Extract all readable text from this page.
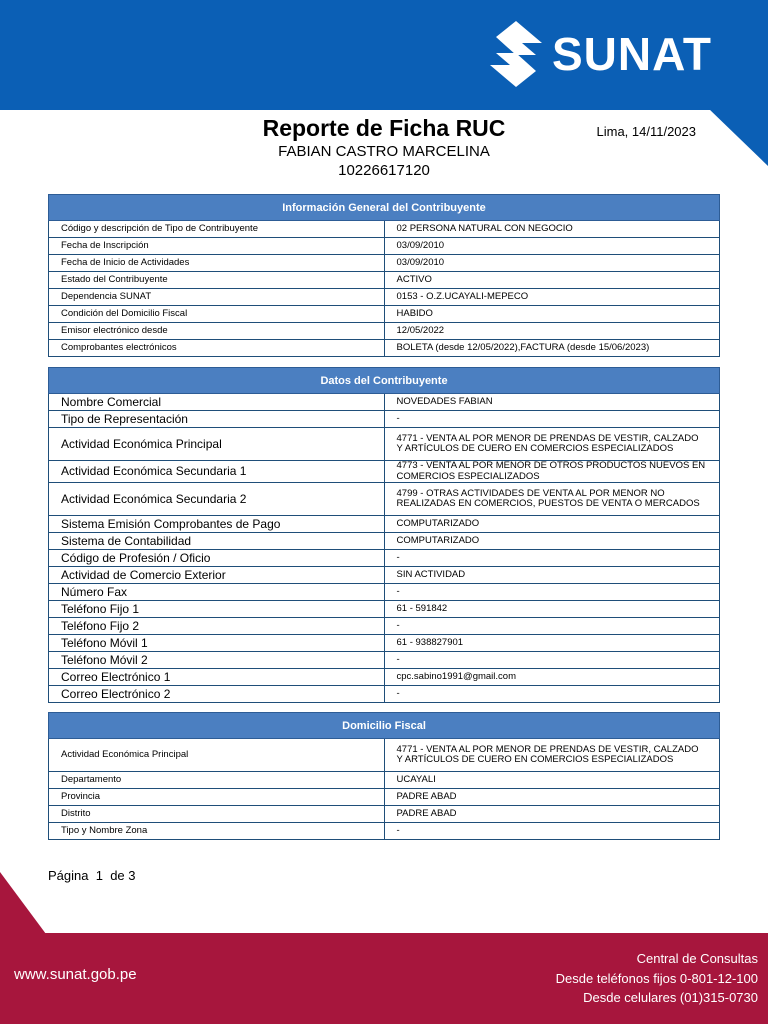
SUNAT
Reporte de Ficha RUC	Lima, 14/11/2023
FABIAN CASTRO MARCELINA
10226617120
Información General del Contribuyente	
Código y descripción de Tipo de Contribuyente	02 PERSONA NATURAL CON NEGOCIO
Fecha de Inscripción	03/09/2010
Fecha de Inicio de Actividades	03/09/2010
Estado del Contribuyente	ACTIVO
Dependencia SUNAT	0153 - O.Z.UCAYALI-MEPECO
Condición del Domicilio Fiscal	HABIDO
Emisor electrónico desde	12/05/2022
Comprobantes electrónicos	BOLETA (desde 12/05/2022),FACTURA (desde 15/06/2023)
Datos del Contribuyente	
Nombre Comercial	NOVEDADES FABIAN
Tipo de Representación	-
Actividad Económica Principal	4771 - VENTA AL POR MENOR DE PRENDAS DE VESTIR, CALZADO Y ARTÍCULOS DE CUERO EN COMERCIOS ESPECIALIZADOS
Actividad Económica Secundaria 1	4773 - VENTA AL POR MENOR DE OTROS PRODUCTOS NUEVOS EN COMERCIOS ESPECIALIZADOS
Actividad Económica Secundaria 2	4799 - OTRAS ACTIVIDADES DE VENTA AL POR MENOR NO REALIZADAS EN COMERCIOS, PUESTOS DE VENTA O MERCADOS
Sistema Emisión Comprobantes de Pago	COMPUTARIZADO
Sistema de Contabilidad	COMPUTARIZADO
Código de Profesión / Oficio	-
Actividad de Comercio Exterior	SIN ACTIVIDAD
Número Fax	-
Teléfono Fijo 1	61 - 591842
Teléfono Fijo 2	-
Teléfono Móvil 1	61 - 938827901
Teléfono Móvil 2	-
Correo Electrónico 1	cpc.sabino1991@gmail.com
Correo Electrónico 2	-
Domicilio Fiscal	
Actividad Económica Principal	4771 - VENTA AL POR MENOR DE PRENDAS DE VESTIR, CALZADO Y ARTÍCULOS DE CUERO EN COMERCIOS ESPECIALIZADOS
Departamento	UCAYALI
Provincia	PADRE ABAD
Distrito	PADRE ABAD
Tipo y Nombre Zona	-
Página 1 de 3
www.sunat.gob.pe
Central de Consultas
Desde teléfonos fijos 0-801-12-100
Desde celulares (01)315-0730
